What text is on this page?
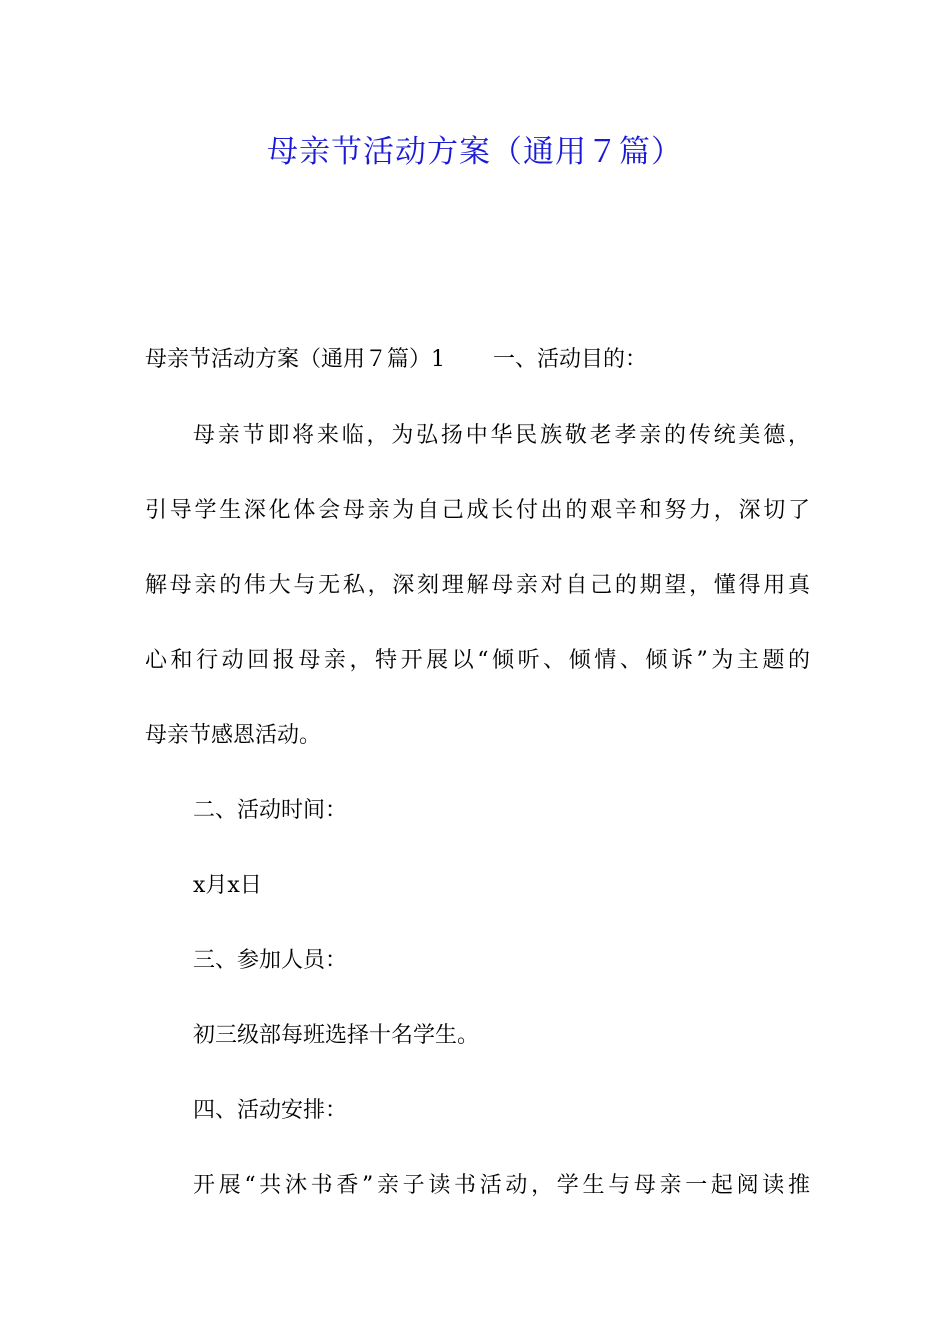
母亲节活动方案（通用７篇）
母亲节活动方案（通用７篇）1 一、活动目的：
母亲节即将来临，为弘扬中华民族敬老孝亲的传统美德，
引导学生深化体会母亲为自己成长付出的艰辛和努力，深切了
解母亲的伟大与无私，深刻理解母亲对自己的期望，懂得用真
心和行动回报母亲，特开展以“倾听、倾情、倾诉”为主题的
母亲节感恩活动。
二、活动时间：
x月x日
三、参加人员：
初三级部每班选择十名学生。
四、活动安排：
开展“共沐书香”亲子读书活动，学生与母亲一起阅读推
